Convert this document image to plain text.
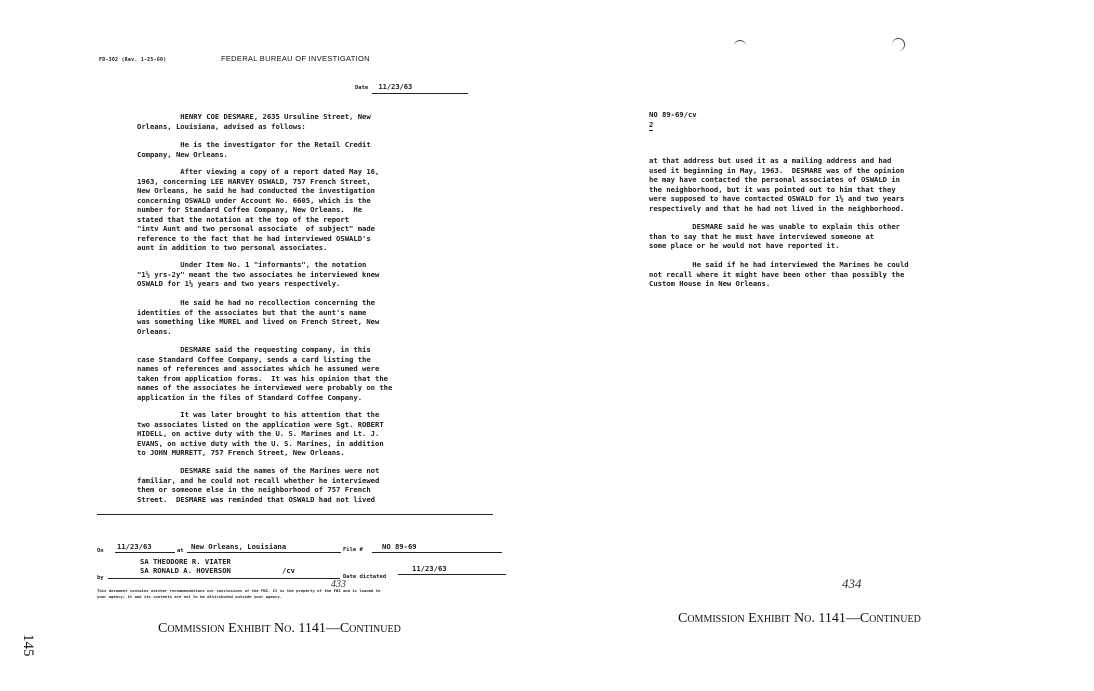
FD-302 (Rev. 1-25-60)	FEDERAL BUREAU OF INVESTIGATION
Date 11/23/63
HENRY COE DESMARE, 2635 Ursuline Street, New
Orleans, Louisiana, advised as follows:
He is the investigator for the Retail Credit
Company, New Orleans.
After viewing a copy of a report dated May 16,
1963, concerning LEE HARVEY OSWALD, 757 French Street,
New Orleans, he said he had conducted the investigation
concerning OSWALD under Account No. 6605, which is the
number for Standard Coffee Company, New Orleans.  He
stated that the notation at the top of the report
"intv Aunt and two personal associate  of subject" made
reference to the fact that he had interviewed OSWALD's
aunt in addition to two personal associates.
Under Item No. 1 "informants", the notation
"1½ yrs-2y" meant the two associates he interviewed knew
OSWALD for 1½ years and two years respectively.
He said he had no recollection concerning the
identities of the associates but that the aunt's name
was something like MUREL and lived on French Street, New
Orleans.
DESMARE said the requesting company, in this
case Standard Coffee Company, sends a card listing the
names of references and associates which he assumed were
taken from application forms.  It was his opinion that the
names of the associates he interviewed were probably on the
application in the files of Standard Coffee Company.
It was later brought to his attention that the
two associates listed on the application were Sgt. ROBERT
HIDELL, on active duty with the U. S. Marines and Lt. J.
EVANS, on active duty with the U. S. Marines, in addition
to JOHN MURRETT, 757 French Street, New Orleans.
DESMARE said the names of the Marines were not
familiar, and he could not recall whether he interviewed
them or someone else in the neighborhood of 757 French
Street.  DESMARE was reminded that OSWALD had not lived
On 11/23/63	at	New Orleans, Louisiana	File #	NO 89-69
SA THEODORE R. VIATER
SA RONALD A. HOVERSON	/cv
by	Date dictated
11/23/63
433
This document contains neither recommendations nor conclusions of the FBI. It is the property of the FBI and is loaned to
your agency; it and its contents are not to be distributed outside your agency.
Commission Exhibit No. 1141—Continued
145
NO 89-69/cv
2
at that address but used it as a mailing address and had
used it beginning in May, 1963.  DESMARE was of the opinion
he may have contacted the personal associates of OSWALD in
the neighborhood, but it was pointed out to him that they
were supposed to have contacted OSWALD for 1½ and two years
respectively and that he had not lived in the neighborhood.
DESMARE said he was unable to explain this other
than to say that he must have interviewed someone at
some place or he would not have reported it.
He said if he had interviewed the Marines he could
not recall where it might have been other than possibly the
Custom House in New Orleans.
434
Commission Exhibit No. 1141—Continued
